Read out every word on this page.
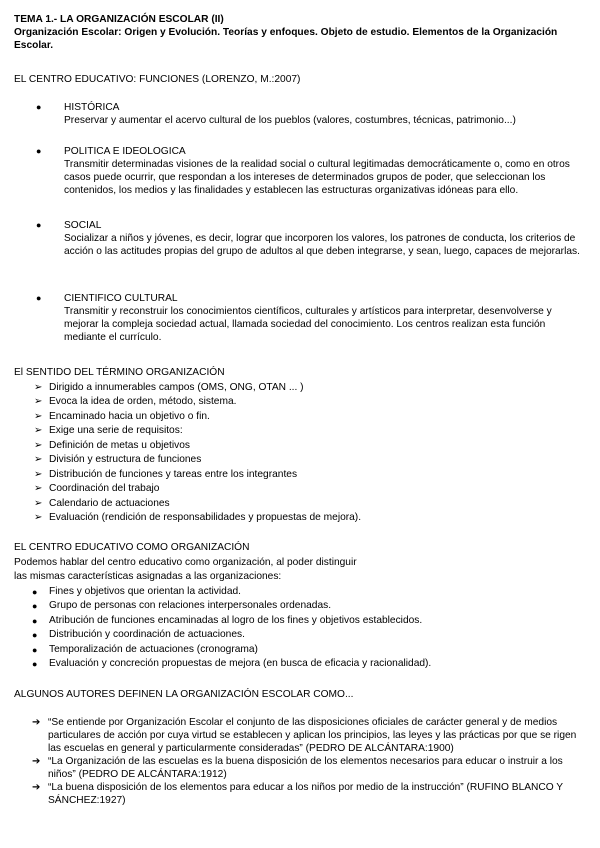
TEMA 1.- LA ORGANIZACIÓN ESCOLAR (II)

Organización Escolar: Origen y Evolución. Teorías y enfoques. Objeto de estudio. Elementos de la Organización Escolar.

EL CENTRO EDUCATIVO: FUNCIONES (LORENZO, M.:2007)

● HISTÓRICA

Preservar y aumentar el acervo cultural de los pueblos (valores, costumbres, técnicas, patrimonio...)

● POLITICA E IDEOLOGICA

Transmitir determinadas visiones de la realidad social o cultural legitimadas democráticamente o, como en otros casos puede ocurrir, que respondan a los intereses de determinados grupos de poder, que seleccionan los contenidos, los medios y las finalidades y establecen las estructuras organizativas idóneas para ello.

● SOCIAL

Socializar a niños y jóvenes, es decir, lograr que incorporen los valores, los patrones de conducta, los criterios de acción o las actitudes propias del grupo de adultos al que deben integrarse, y sean, luego, capaces de mejorarlas.

● CIENTIFICO CULTURAL

Transmitir y reconstruir los conocimientos científicos, culturales y artísticos para interpretar, desenvolverse y mejorar la compleja sociedad actual, llamada sociedad del conocimiento. Los centros realizan esta función mediante el currículo.

El SENTIDO DEL TÉRMINO ORGANIZACIÓN

➢ Dirigido a innumerables campos (OMS, ONG, OTAN ... )
➢ Evoca la idea de orden, método, sistema.
➢ Encaminado hacia un objetivo o fin.
➢ Exige una serie de requisitos:
➢ Definición de metas u objetivos
➢ División y estructura de funciones
➢ Distribución de funciones y tareas entre los integrantes
➢ Coordinación del trabajo
➢ Calendario de actuaciones
➢ Evaluación (rendición de responsabilidades y propuestas de mejora).

EL CENTRO EDUCATIVO COMO ORGANIZACIÓN

Podemos hablar del centro educativo como organización, al poder distinguir

las mismas características asignadas a las organizaciones:

● Fines y objetivos que orientan la actividad.
● Grupo de personas con relaciones interpersonales ordenadas.
● Atribución de funciones encaminadas al logro de los fines y objetivos establecidos.
● Distribución y coordinación de actuaciones.
● Temporalización de actuaciones (cronograma)
● Evaluación y concreción propuestas de mejora (en busca de eficacia y racionalidad).

ALGUNOS AUTORES DEFINEN LA ORGANIZACIÓN ESCOLAR COMO...

➔ “Se entiende por Organización Escolar el conjunto de las disposiciones oficiales de carácter general y de medios particulares de acción por cuya virtud se establecen y aplican los principios, las leyes y las prácticas por que se rigen las escuelas en general y particularmente consideradas” (PEDRO DE ALCÁNTARA:1900)
➔ “La Organización de las escuelas es la buena disposición de los elementos necesarios para educar o instruir a los niños” (PEDRO DE ALCÁNTARA:1912)
➔ “La buena disposición de los elementos para educar a los niños por medio de la instrucción” (RUFINO BLANCO Y SÁNCHEZ:1927)
